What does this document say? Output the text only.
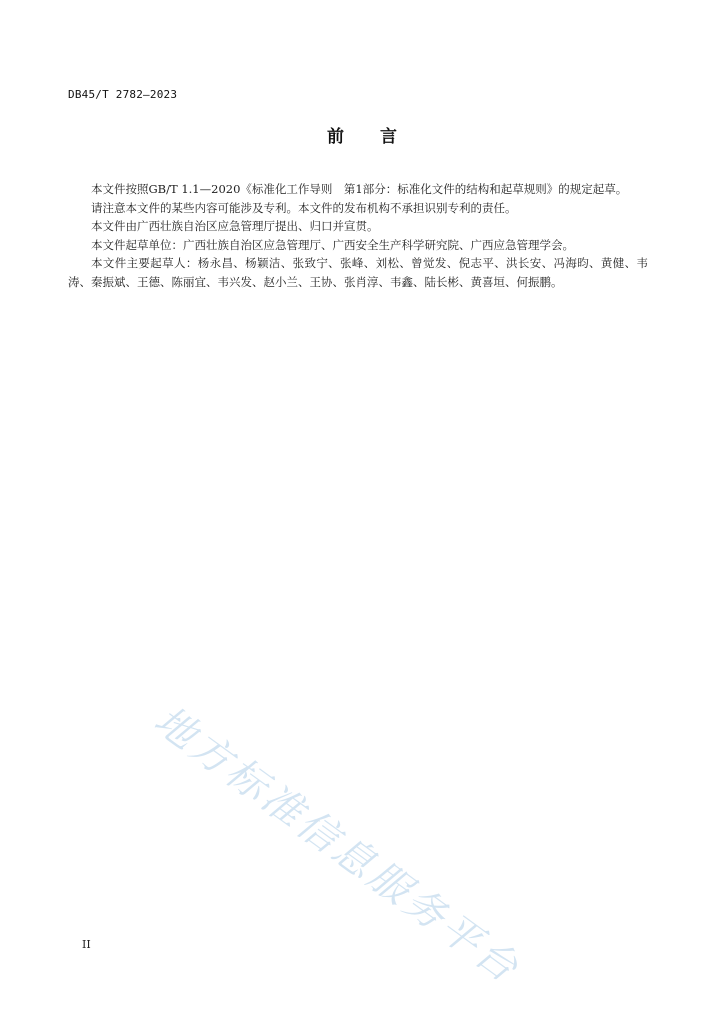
DB45/T 2782—2023
前 言

本文件按照GB/T 1.1—2020《标准化工作导则　第1部分：标准化文件的结构和起草规则》的规定起草。

请注意本文件的某些内容可能涉及专利。本文件的发布机构不承担识别专利的责任。

本文件由广西壮族自治区应急管理厅提出、归口并宣贯。

本文件起草单位：广西壮族自治区应急管理厅、广西安全生产科学研究院、广西应急管理学会。

本文件主要起草人：杨永昌、杨颖洁、张致宁、张峰、刘松、曾觉发、倪志平、洪长安、冯海昀、黄健、韦涛、秦振斌、王德、陈丽宜、韦兴发、赵小兰、王协、张肖淳、韦鑫、陆长彬、黄喜垣、何振鹏。

地方标准信息服务平台
II
